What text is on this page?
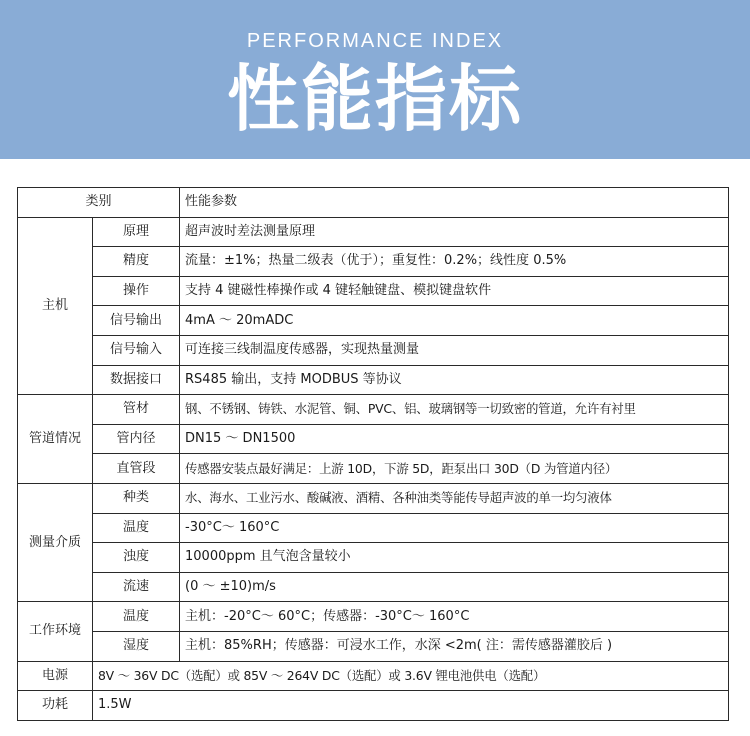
PERFORMANCE INDEX
性能指标
类别		性能参数
主机	原理	超声波时差法测量原理
	精度	流量：±1%；热量二级表（优于）；重复性：0.2%；线性度 0.5%
	操作	支持 4 键磁性棒操作或 4 键轻触键盘、模拟键盘软件
	信号输出	4mA ～ 20mADC
	信号输入	可连接三线制温度传感器，实现热量测量
	数据接口	RS485 输出，支持 MODBUS 等协议
管道情况	管材	钢、不锈钢、铸铁、水泥管、铜、PVC、铝、玻璃钢等一切致密的管道，允许有衬里
	管内径	DN15 ～ DN1500
	直管段	传感器安装点最好满足：上游 10D，下游 5D，距泵出口 30D（D 为管道内径）
测量介质	种类	水、海水、工业污水、酸碱液、酒精、各种油类等能传导超声波的单一均匀液体
	温度	-30°C～ 160°C
	浊度	10000ppm 且气泡含量较小
	流速	(0 ～ ±10)m/s
工作环境	温度	主机：-20°C～ 60°C；传感器：-30°C～ 160°C
	湿度	主机：85%RH；传感器：可浸水工作，水深 <2m( 注：需传感器灌胶后 )
电源	8V ～ 36V DC（选配）或 85V ～ 264V DC（选配）或 3.6V 锂电池供电（选配）	
功耗	1.5W	
